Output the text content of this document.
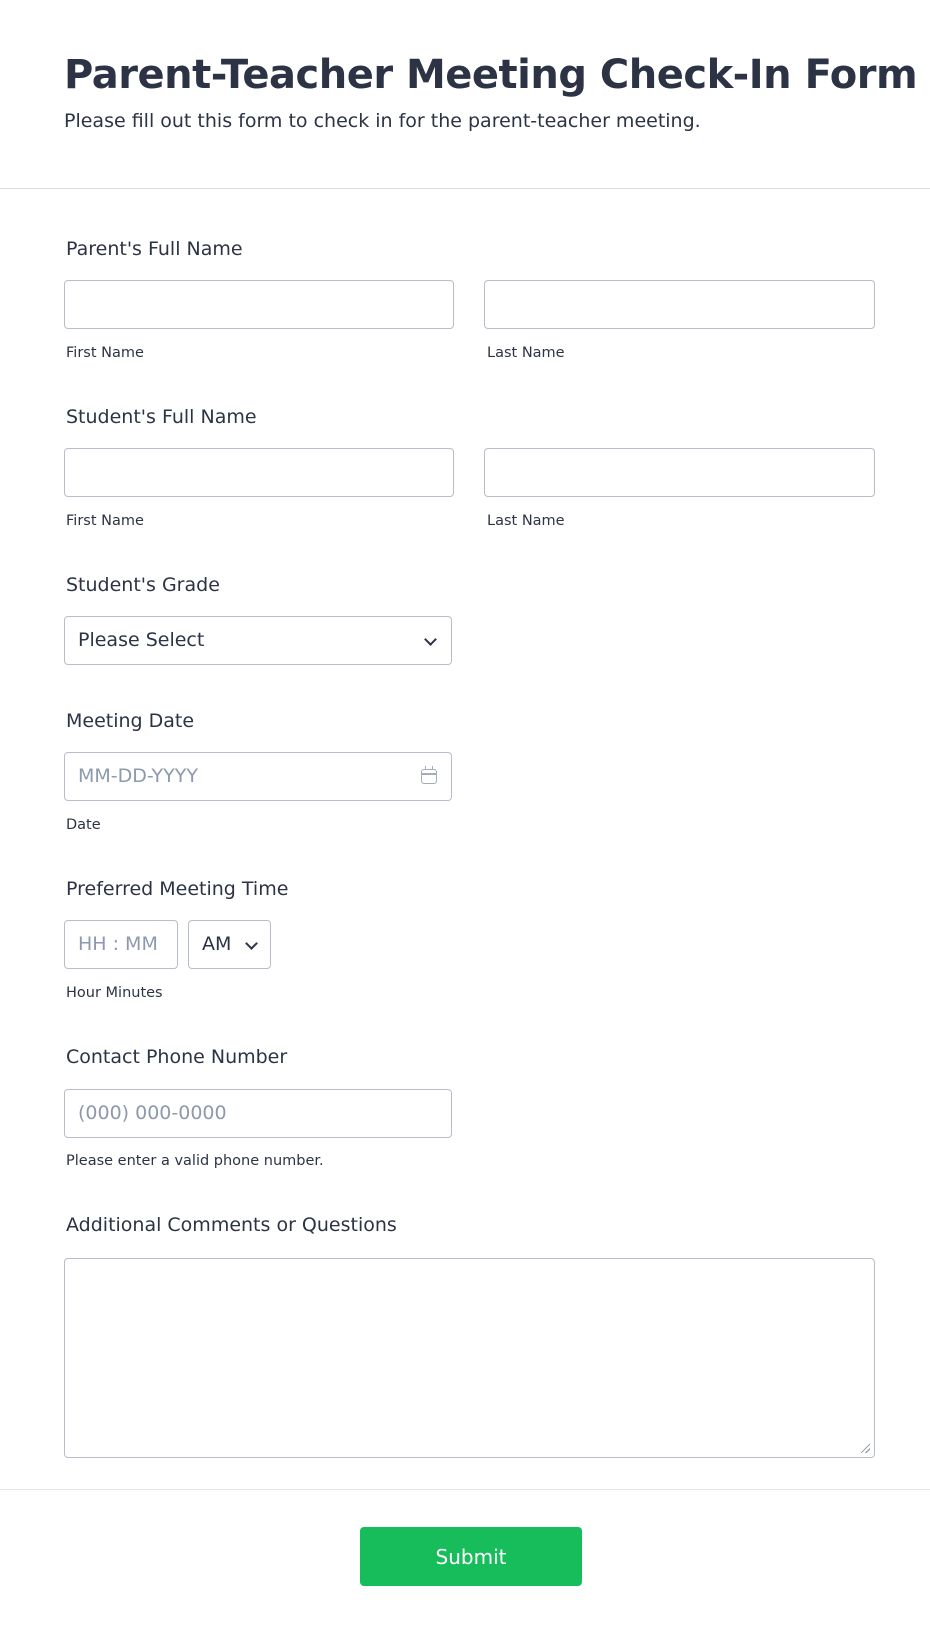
Parent-Teacher Meeting Check-In Form
Please fill out this form to check in for the parent-teacher meeting.
Parent's Full Name
First Name	Last Name
Student's Full Name
First Name	Last Name
Student's Grade
Please Select
Meeting Date
MM-DD-YYYY
Date
Preferred Meeting Time
HH : MM AM
Hour Minutes
Contact Phone Number
(000) 000-0000
Please enter a valid phone number.
Additional Comments or Questions
Submit
